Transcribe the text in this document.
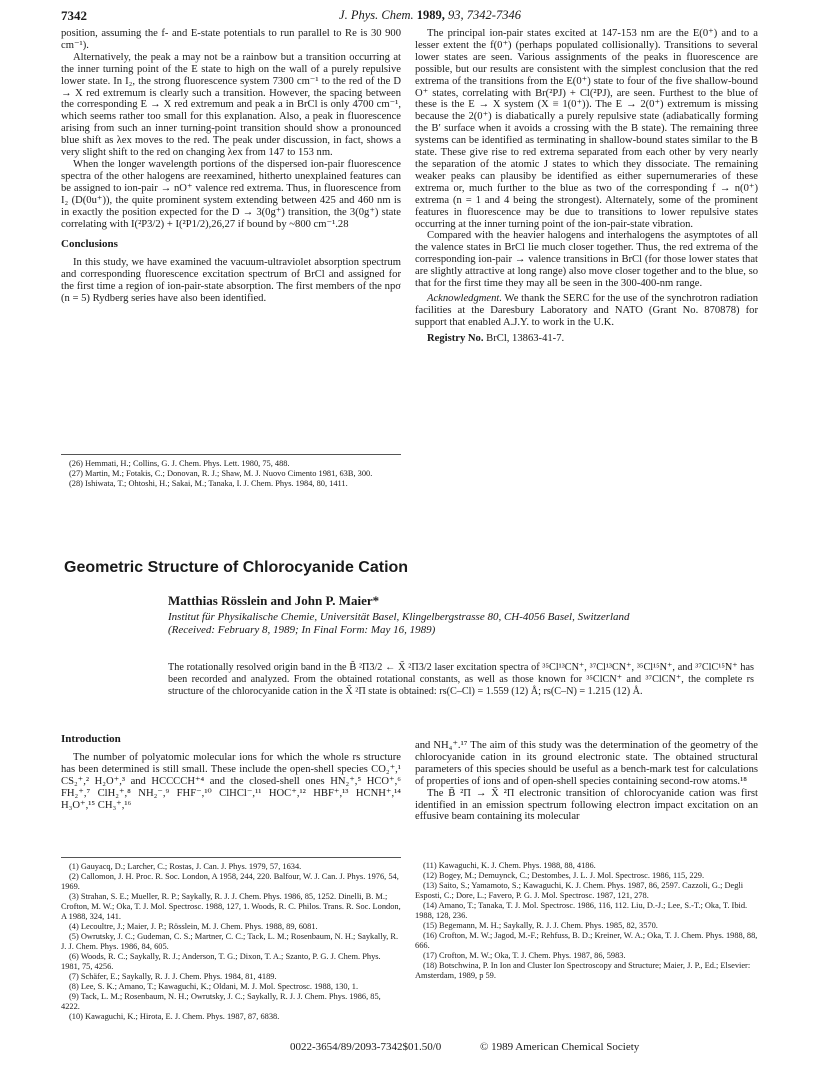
7342	J. Phys. Chem. 1989, 93, 7342-7346

position, assuming the f- and E-state potentials to run parallel to Re is 30 900 cm⁻¹).

Alternatively, the peak a may not be a rainbow but a transition occurring at the inner turning point of the E state to high on the wall of a purely repulsive lower state. In I₂, the strong fluorescence system 7300 cm⁻¹ to the red of the D → X red extremum is clearly such a transition. However, the spacing between the corresponding E → X red extremum and peak a in BrCl is only 4700 cm⁻¹, which seems rather too small for this explanation. Also, a peak in fluorescence arising from such an inner turning-point transition should show a pronounced blue shift as λex moves to the red. The peak under discussion, in fact, shows a very slight shift to the red on changing λex from 147 to 153 nm.

When the longer wavelength portions of the dispersed ion-pair fluorescence spectra of the other halogens are reexamined, hitherto unexplained features can be assigned to ion-pair → nO⁺ valence red extrema. Thus, in fluorescence from I₂ (D(0u⁺)), the quite prominent system extending between 425 and 460 nm is in exactly the position expected for the D → 3(0g⁺) transition, the 3(0g⁺) state correlating with I(²P3/2) + I(²P1/2),26,27 if bound by ~800 cm⁻¹.28

Conclusions

In this study, we have examined the vacuum-ultraviolet absorption spectrum and corresponding fluorescence excitation spectrum of BrCl and assigned for the first time a region of ion-pair-state absorption. The first members of the npσ (n = 5) Rydberg series have also been identified.

(26) Hemmati, H.; Collins, G. J. Chem. Phys. Lett. 1980, 75, 488.
(27) Martin, M.; Fotakis, C.; Donovan, R. J.; Shaw, M. J. Nuovo Cimento 1981, 63B, 300.
(28) Ishiwata, T.; Ohtoshi, H.; Sakai, M.; Tanaka, I. J. Chem. Phys. 1984, 80, 1411.

The principal ion-pair states excited at 147-153 nm are the E(0⁺) and to a lesser extent the f(0⁺) (perhaps populated collisionally). Transitions to several lower states are seen. Various assignments of the peaks in fluorescence are possible, but our results are consistent with the simplest conclusion that the red extrema of the transitions from the E(0⁺) state to four of the five shallow-bound O⁺ states, correlating with Br(²PJ) + Cl(²PJ), are seen. Furthest to the blue of these is the E → X system (X ≡ 1(0⁺)). The E → 2(0⁺) extremum is missing because the 2(0⁺) is diabatically a purely repulsive state (adiabatically forming the B′ surface when it avoids a crossing with the B state). The remaining three systems can be identified as terminating in shallow-bound states similar to the B state. These give rise to red extrema separated from each other by very nearly the separation of the atomic J states to which they dissociate. The remaining weaker peaks can plausiby be identified as either supernumeraries of these extrema or, much further to the blue as two of the corresponding f → n(0⁺) extrema (n = 1 and 4 being the strongest). Alternately, some of the prominent features in fluorescence may be due to transitions to lower repulsive states occurring at the inner turning point of the ion-pair-state vibration.

Compared with the heavier halogens and interhalogens the asymptotes of all the valence states in BrCl lie much closer together. Thus, the red extrema of the corresponding ion-pair → valence transitions in BrCl (for those lower states that are slightly attractive at long range) also move closer together and to the blue, so that for the first time they may all be seen in the 300-400-nm range.

Acknowledgment. We thank the SERC for the use of the synchrotron radiation facilities at the Daresbury Laboratory and NATO (Grant No. 870878) for support that enabled A.J.Y. to work in the U.K.

Registry No. BrCl, 13863-41-7.

Geometric Structure of Chlorocyanide Cation
Matthias Rösslein and John P. Maier*
Institut für Physikalische Chemie, Universität Basel, Klingelbergstrasse 80, CH-4056 Basel, Switzerland
(Received: February 8, 1989; In Final Form: May 16, 1989)
The rotationally resolved origin band in the B̃ ²Π3/2 ← X̃ ²Π3/2 laser excitation spectra of ³⁵Cl¹³CN⁺, ³⁷Cl¹³CN⁺, ³⁵Cl¹⁵N⁺, and ³⁷ClC¹⁵N⁺ has been recorded and analyzed. From the obtained rotational constants, as well as those known for ³⁵ClCN⁺ and ³⁷ClCN⁺, the complete rs structure of the chlorocyanide cation in the X̃ ²Π state is obtained: rs(C–Cl) = 1.559 (12) Å; rs(C–N) = 1.215 (12) Å.
Introduction

The number of polyatomic molecular ions for which the whole rs structure has been determined is still small. These include the open-shell species CO₂⁺,¹ CS₂⁺,² H₂O⁺,³ and HCCCCH⁺⁴ and the closed-shell ones HN₂⁺,⁵ HCO⁺,⁶ FH₂⁺,⁷ ClH₂⁺,⁸ NH₂⁻,⁹ FHF⁻,¹⁰ ClHCl⁻,¹¹ HOC⁺,¹² HBF⁺,¹³ HCNH⁺,¹⁴ H₃O⁺,¹⁵ CH₃⁺,¹⁶

and NH₄⁺.¹⁷ The aim of this study was the determination of the geometry of the chlorocyanide cation in its ground electronic state. The obtained structural parameters of this species should be useful as a bench-mark test for calculations of properties of ions and of open-shell species containing second-row atoms.¹⁸

The B̃ ²Π → X̃ ²Π electronic transition of chlorocyanide cation was first identified in an emission spectrum following electron impact excitation on an effusive beam containing its molecular

(1) Gauyacq, D.; Larcher, C.; Rostas, J. Can. J. Phys. 1979, 57, 1634.
(2) Callomon, J. H. Proc. R. Soc. London, A 1958, 244, 220. Balfour, W. J. Can. J. Phys. 1976, 54, 1969.
(3) Strahan, S. E.; Mueller, R. P.; Saykally, R. J. J. Chem. Phys. 1986, 85, 1252. Dinelli, B. M.; Crofton, M. W.; Oka, T. J. Mol. Spectrosc. 1988, 127, 1. Woods, R. C. Philos. Trans. R. Soc. London, A 1988, 324, 141.
(4) Lecoultre, J.; Maier, J. P.; Rösslein, M. J. Chem. Phys. 1988, 89, 6081.
(5) Owrutsky, J. C.; Gudeman, C. S.; Martner, C. C.; Tack, L. M.; Rosenbaum, N. H.; Saykally, R. J. J. Chem. Phys. 1986, 84, 605.
(6) Woods, R. C.; Saykally, R. J.; Anderson, T. G.; Dixon, T. A.; Szanto, P. G. J. Chem. Phys. 1981, 75, 4256.
(7) Schäfer, E.; Saykally, R. J. J. Chem. Phys. 1984, 81, 4189.
(8) Lee, S. K.; Amano, T.; Kawaguchi, K.; Oldani, M. J. Mol. Spectrosc. 1988, 130, 1.
(9) Tack, L. M.; Rosenbaum, N. H.; Owrutsky, J. C.; Saykally, R. J. J. Chem. Phys. 1986, 85, 4222.
(10) Kawaguchi, K.; Hirota, E. J. Chem. Phys. 1987, 87, 6838.
(11) Kawaguchi, K. J. Chem. Phys. 1988, 88, 4186.
(12) Bogey, M.; Demuynck, C.; Destombes, J. L. J. Mol. Spectrosc. 1986, 115, 229.
(13) Saito, S.; Yamamoto, S.; Kawaguchi, K. J. Chem. Phys. 1987, 86, 2597. Cazzoli, G.; Degli Esposti, C.; Dore, L.; Favero, P. G. J. Mol. Spectrosc. 1987, 121, 278.
(14) Amano, T.; Tanaka, T. J. Mol. Spectrosc. 1986, 116, 112. Liu, D.-J.; Lee, S.-T.; Oka, T. Ibid. 1988, 128, 236.
(15) Begemann, M. H.; Saykally, R. J. J. Chem. Phys. 1985, 82, 3570.
(16) Crofton, M. W.; Jagod, M.-F.; Rehfuss, B. D.; Kreiner, W. A.; Oka, T. J. Chem. Phys. 1988, 88, 666.
(17) Crofton, M. W.; Oka, T. J. Chem. Phys. 1987, 86, 5983.
(18) Botschwina, P. In Ion and Cluster Ion Spectroscopy and Structure; Maier, J. P., Ed.; Elsevier: Amsterdam, 1989, p 59.
0022-3654/89/2093-7342$01.50/0	© 1989 American Chemical Society
